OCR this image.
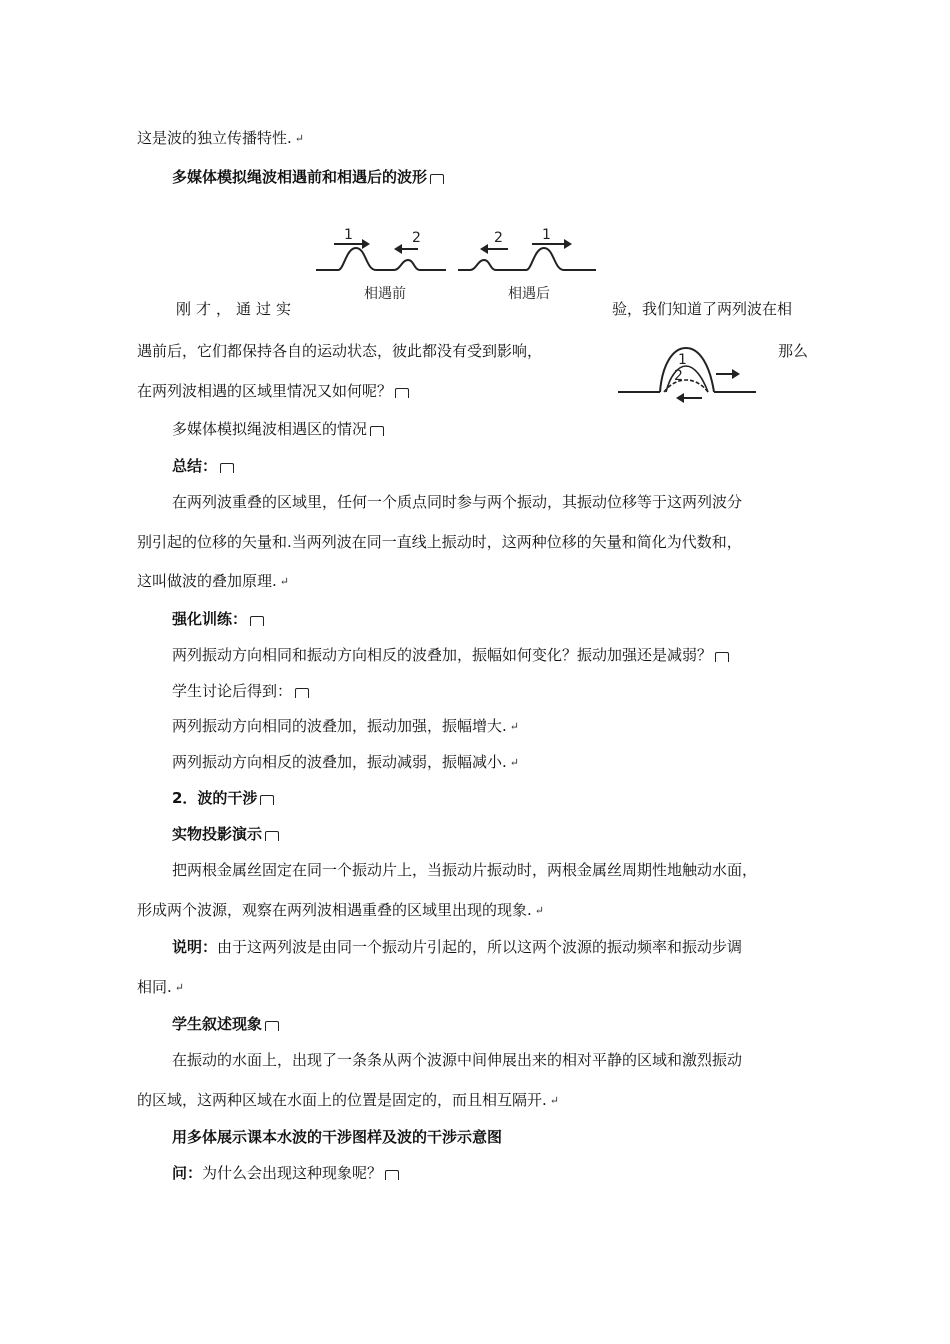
这是波的独立传播特性. ↵
多媒体模拟绳波相遇前和相遇后的波形
1	2
相遇前
2	1
相遇后
刚才，通过实	验，我们知道了两列波在相
遇前后，它们都保持各自的运动状态，彼此都没有受到影响，	那么
1
2
在两列波相遇的区域里情况又如何呢？
多媒体模拟绳波相遇区的情况
总结：
在两列波重叠的区域里，任何一个质点同时参与两个振动，其振动位移等于这两列波分
别引起的位移的矢量和.当两列波在同一直线上振动时，这两种位移的矢量和简化为代数和，
这叫做波的叠加原理. ↵
强化训练：
两列振动方向相同和振动方向相反的波叠加，振幅如何变化？振动加强还是减弱？
学生讨论后得到：
两列振动方向相同的波叠加，振动加强，振幅增大. ↵
两列振动方向相反的波叠加，振动减弱，振幅减小. ↵
2．波的干涉
实物投影演示
把两根金属丝固定在同一个振动片上，当振动片振动时，两根金属丝周期性地触动水面，
形成两个波源，观察在两列波相遇重叠的区域里出现的现象. ↵
说明：由于这两列波是由同一个振动片引起的，所以这两个波源的振动频率和振动步调
相同. ↵
学生叙述现象
在振动的水面上，出现了一条条从两个波源中间伸展出来的相对平静的区域和激烈振动
的区域，这两种区域在水面上的位置是固定的，而且相互隔开. ↵
用多体展示课本水波的干涉图样及波的干涉示意图
问：为什么会出现这种现象呢？
